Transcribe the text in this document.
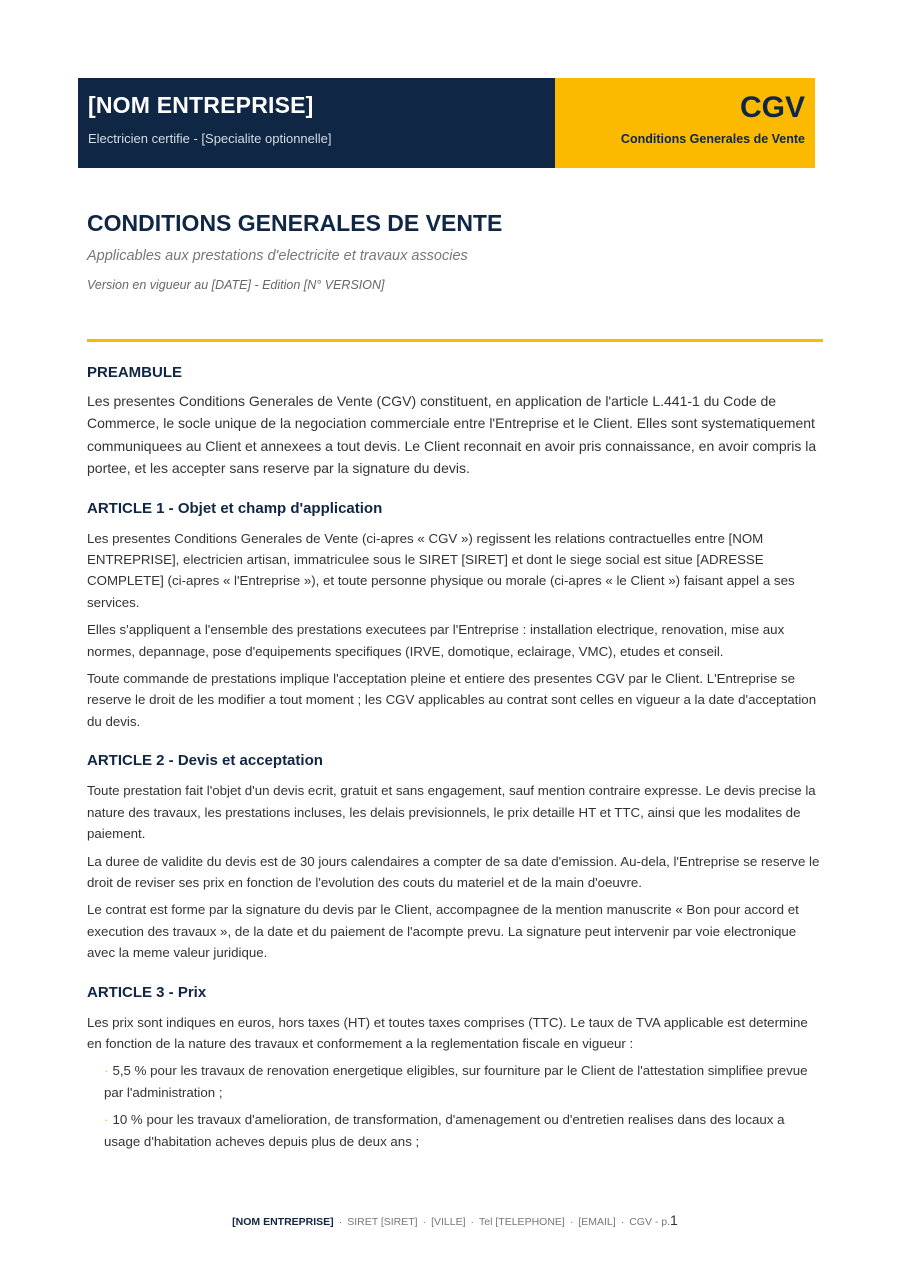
[NOM ENTREPRISE]
Electricien certifie - [Specialite optionnelle]
CGV
Conditions Generales de Vente
CONDITIONS GENERALES DE VENTE
Applicables aux prestations d'electricite et travaux associes
Version en vigueur au [DATE] - Edition [N° VERSION]
PREAMBULE

Les presentes Conditions Generales de Vente (CGV) constituent, en application de l'article L.441-1 du Code de Commerce, le socle unique de la negociation commerciale entre l'Entreprise et le Client. Elles sont systematiquement communiquees au Client et annexees a tout devis. Le Client reconnait en avoir pris connaissance, en avoir compris la portee, et les accepter sans reserve par la signature du devis.

ARTICLE 1 - Objet et champ d'application

Les presentes Conditions Generales de Vente (ci-apres « CGV ») regissent les relations contractuelles entre [NOM ENTREPRISE], electricien artisan, immatriculee sous le SIRET [SIRET] et dont le siege social est situe [ADRESSE COMPLETE] (ci-apres « l'Entreprise »), et toute personne physique ou morale (ci-apres « le Client ») faisant appel a ses services.

Elles s'appliquent a l'ensemble des prestations executees par l'Entreprise : installation electrique, renovation, mise aux normes, depannage, pose d'equipements specifiques (IRVE, domotique, eclairage, VMC), etudes et conseil.

Toute commande de prestations implique l'acceptation pleine et entiere des presentes CGV par le Client. L'Entreprise se reserve le droit de les modifier a tout moment ; les CGV applicables au contrat sont celles en vigueur a la date d'acceptation du devis.

ARTICLE 2 - Devis et acceptation

Toute prestation fait l'objet d'un devis ecrit, gratuit et sans engagement, sauf mention contraire expresse. Le devis precise la nature des travaux, les prestations incluses, les delais previsionnels, le prix detaille HT et TTC, ainsi que les modalites de paiement.

La duree de validite du devis est de 30 jours calendaires a compter de sa date d'emission. Au-dela, l'Entreprise se reserve le droit de reviser ses prix en fonction de l'evolution des couts du materiel et de la main d'oeuvre.

Le contrat est forme par la signature du devis par le Client, accompagnee de la mention manuscrite « Bon pour accord et execution des travaux », de la date et du paiement de l'acompte prevu. La signature peut intervenir par voie electronique avec la meme valeur juridique.

ARTICLE 3 - Prix

Les prix sont indiques en euros, hors taxes (HT) et toutes taxes comprises (TTC). Le taux de TVA applicable est determine en fonction de la nature des travaux et conformement a la reglementation fiscale en vigueur :

· 5,5 % pour les travaux de renovation energetique eligibles, sur fourniture par le Client de l'attestation simplifiee prevue par l'administration ;
· 10 % pour les travaux d'amelioration, de transformation, d'amenagement ou d'entretien realises dans des locaux a usage d'habitation acheves depuis plus de deux ans ;
[NOM ENTREPRISE] · SIRET [SIRET] · [VILLE] · Tel [TELEPHONE] · [EMAIL] · CGV - p.1
